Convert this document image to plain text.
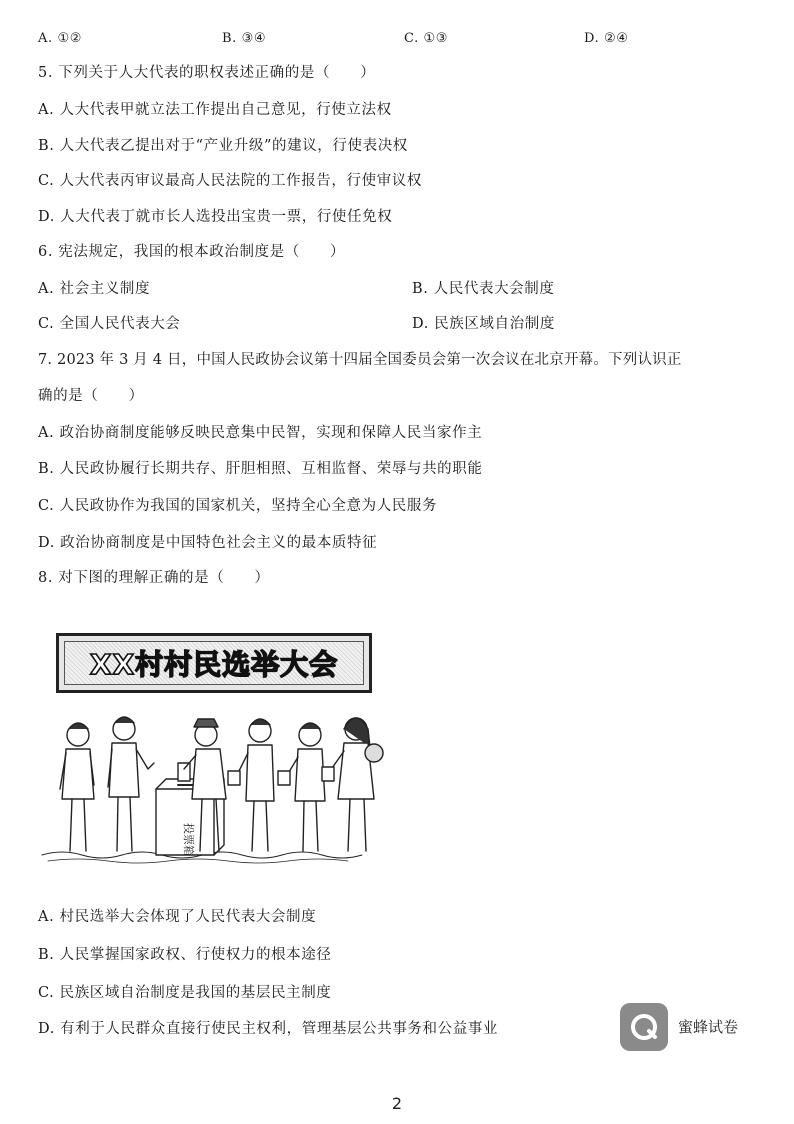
A. ①②	B. ③④	C. ①③	D. ②④
5. 下列关于人大代表的职权表述正确的是（　　）
A. 人大代表甲就立法工作提出自己意见，行使立法权
B. 人大代表乙提出对于“产业升级”的建议，行使表决权
C. 人大代表丙审议最高人民法院的工作报告，行使审议权
D. 人大代表丁就市长人选投出宝贵一票，行使任免权
6. 宪法规定，我国的根本政治制度是（　　）
A. 社会主义制度	B. 人民代表大会制度
C. 全国人民代表大会	D. 民族区域自治制度
7. 2023 年 3 月 4 日，中国人民政协会议第十四届全国委员会第一次会议在北京开幕。下列认识正
确的是（　　）
A. 政治协商制度能够反映民意集中民智，实现和保障人民当家作主
B. 人民政协履行长期共存、肝胆相照、互相监督、荣辱与共的职能
C. 人民政协作为我国的国家机关，坚持全心全意为人民服务
D. 政治协商制度是中国特色社会主义的最本质特征
8. 对下图的理解正确的是（　　）
XX村村民选举大会
投票箱
A. 村民选举大会体现了人民代表大会制度
B. 人民掌握国家政权、行使权力的根本途径
C. 民族区域自治制度是我国的基层民主制度
D. 有利于人民群众直接行使民主权利，管理基层公共事务和公益事业	蜜蜂试卷
2
